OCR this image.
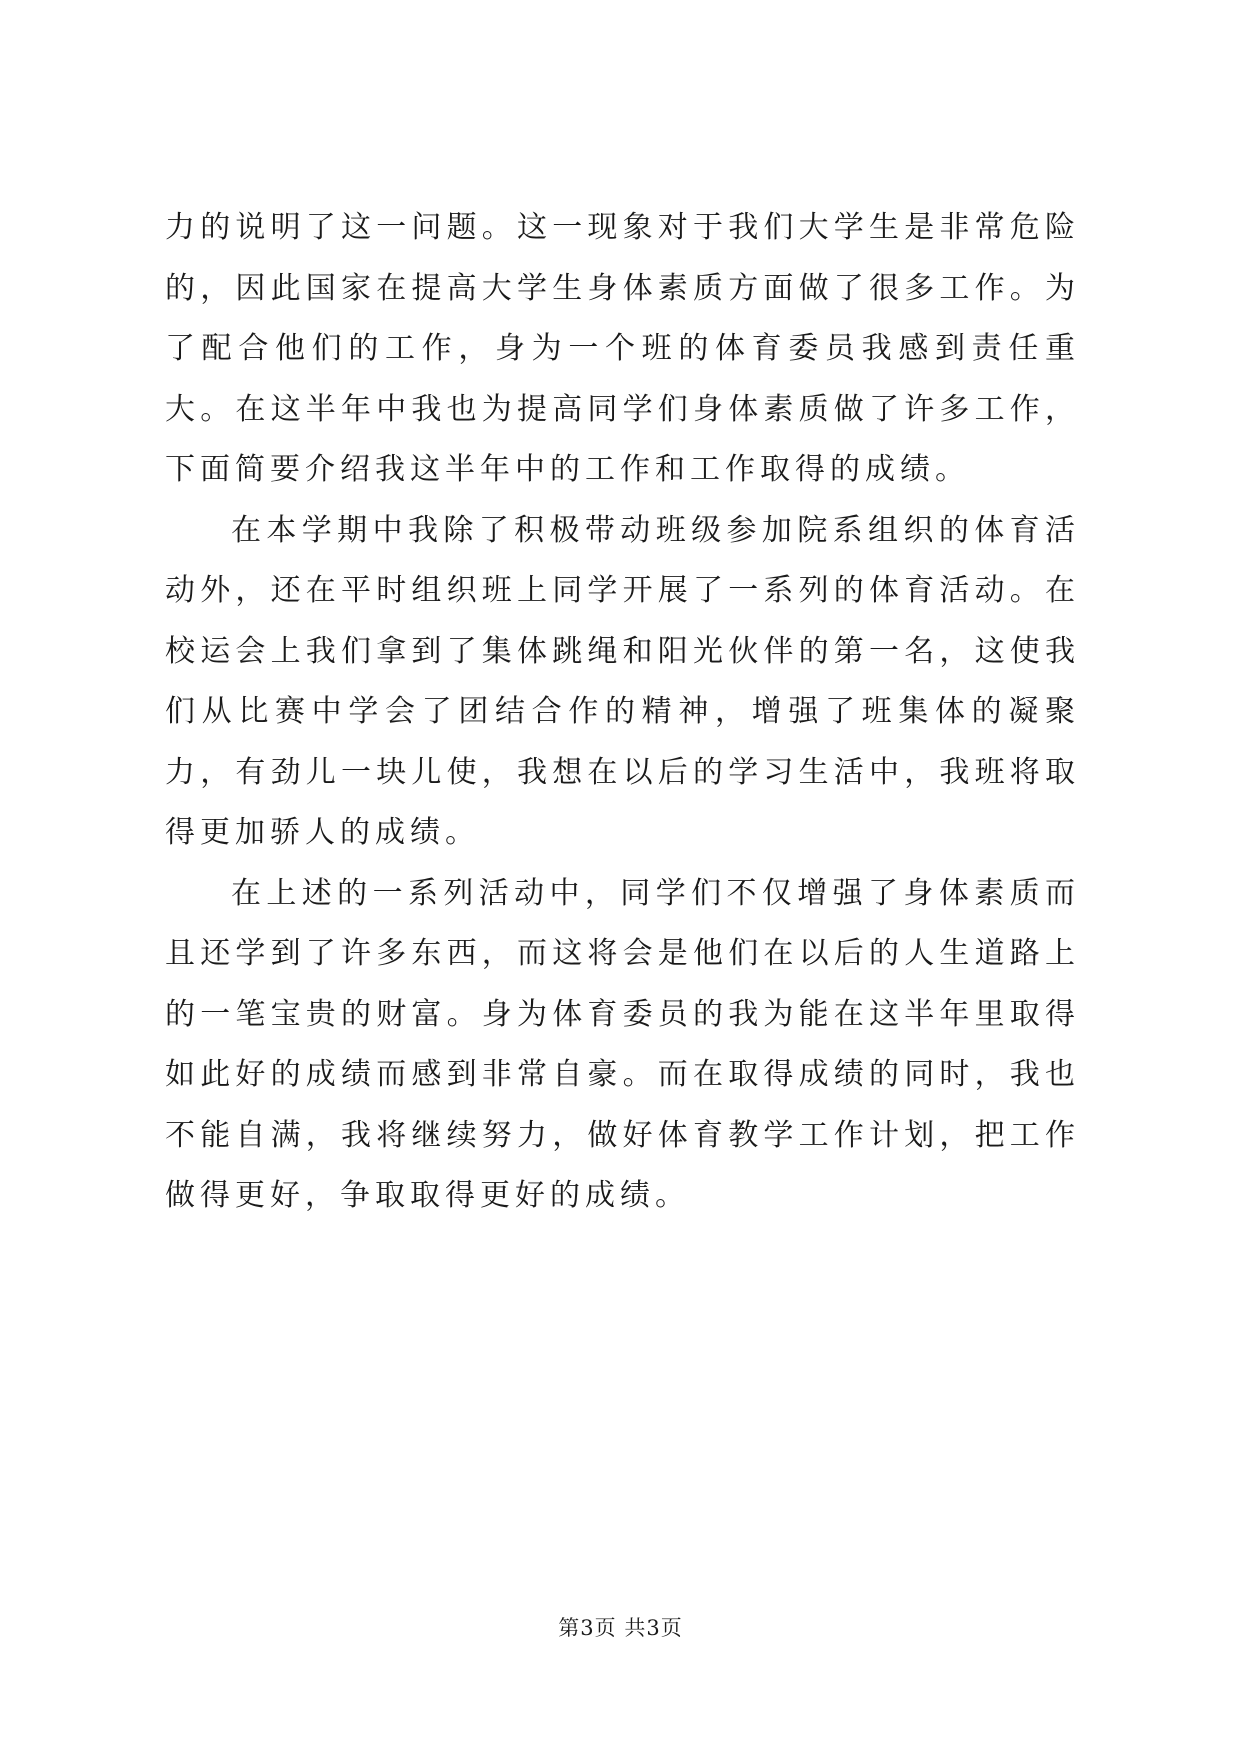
力的说明了这一问题。这一现象对于我们大学生是非常危险的，因此国家在提高大学生身体素质方面做了很多工作。为了配合他们的工作，身为一个班的体育委员我感到责任重大。在这半年中我也为提高同学们身体素质做了许多工作，下面简要介绍我这半年中的工作和工作取得的成绩。

在本学期中我除了积极带动班级参加院系组织的体育活动外，还在平时组织班上同学开展了一系列的体育活动。在校运会上我们拿到了集体跳绳和阳光伙伴的第一名，这使我们从比赛中学会了团结合作的精神，增强了班集体的凝聚力，有劲儿一块儿使，我想在以后的学习生活中，我班将取得更加骄人的成绩。

在上述的一系列活动中，同学们不仅增强了身体素质而且还学到了许多东西，而这将会是他们在以后的人生道路上的一笔宝贵的财富。身为体育委员的我为能在这半年里取得如此好的成绩而感到非常自豪。而在取得成绩的同时，我也不能自满，我将继续努力，做好体育教学工作计划，把工作做得更好，争取取得更好的成绩。

第3页 共3页
